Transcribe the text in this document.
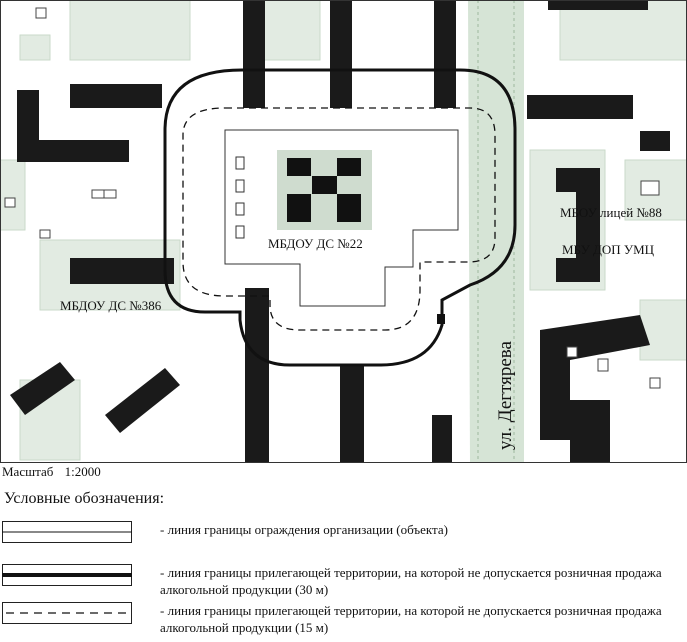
МБДОУ ДС №22
МБДОУ ДС №386
МБОУ лицей №88
МБУ ДОП УМЦ
ул. Дегтярева
Масштаб 1:2000
Условные обозначения:
- линия границы ограждения организации (объекта)
- линия границы прилегающей территории, на которой не допускается розничная продажа алкогольной продукции (30 м)
- линия границы прилегающей территории, на которой не допускается розничная продажа алкогольной продукции (15 м)
